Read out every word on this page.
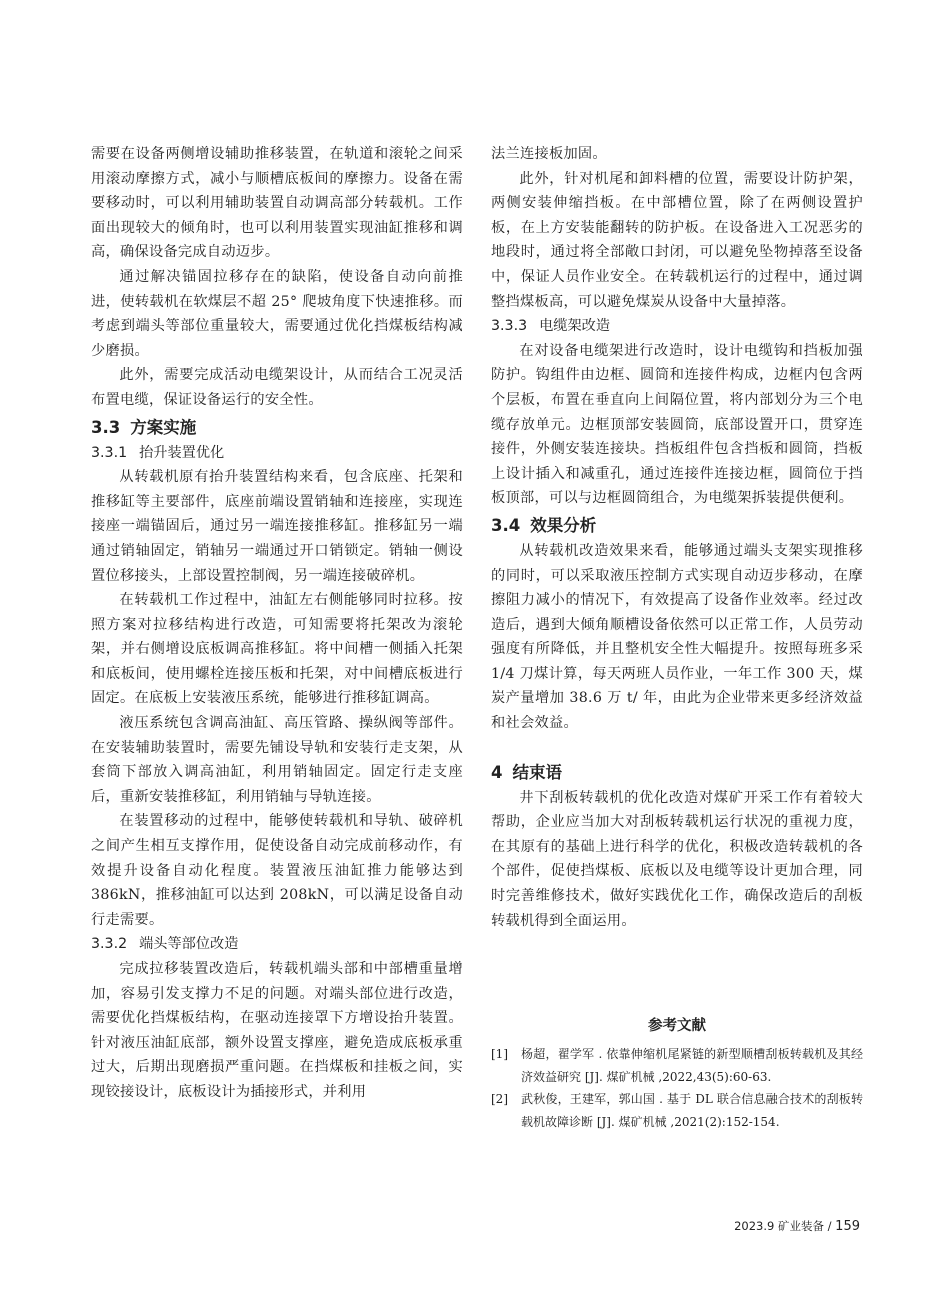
需要在设备两侧增设辅助推移装置，在轨道和滚轮之间采用滚动摩擦方式，减小与顺槽底板间的摩擦力。设备在需要移动时，可以利用辅助装置自动调高部分转载机。工作面出现较大的倾角时，也可以利用装置实现油缸推移和调高，确保设备完成自动迈步。

通过解决锚固拉移存在的缺陷，使设备自动向前推进，使转载机在软煤层不超 25° 爬坡角度下快速推移。而考虑到端头等部位重量较大，需要通过优化挡煤板结构减少磨损。

此外，需要完成活动电缆架设计，从而结合工况灵活布置电缆，保证设备运行的安全性。

3.3 方案实施
3.3.1 抬升装置优化

从转载机原有抬升装置结构来看，包含底座、托架和推移缸等主要部件，底座前端设置销轴和连接座，实现连接座一端锚固后，通过另一端连接推移缸。推移缸另一端通过销轴固定，销轴另一端通过开口销锁定。销轴一侧设置位移接头，上部设置控制阀，另一端连接破碎机。

在转载机工作过程中，油缸左右侧能够同时拉移。按照方案对拉移结构进行改造，可知需要将托架改为滚轮架，并右侧增设底板调高推移缸。将中间槽一侧插入托架和底板间，使用螺栓连接压板和托架，对中间槽底板进行固定。在底板上安装液压系统，能够进行推移缸调高。

液压系统包含调高油缸、高压管路、操纵阀等部件。在安装辅助装置时，需要先铺设导轨和安装行走支架，从套筒下部放入调高油缸，利用销轴固定。固定行走支座后，重新安装推移缸，利用销轴与导轨连接。

在装置移动的过程中，能够使转载机和导轨、破碎机之间产生相互支撑作用，促使设备自动完成前移动作，有效提升设备自动化程度。装置液压油缸推力能够达到 386kN，推移油缸可以达到 208kN，可以满足设备自动行走需要。

3.3.2 端头等部位改造

完成拉移装置改造后，转载机端头部和中部槽重量增加，容易引发支撑力不足的问题。对端头部位进行改造，需要优化挡煤板结构，在驱动连接罩下方增设抬升装置。针对液压油缸底部，额外设置支撑座，避免造成底板承重过大，后期出现磨损严重问题。在挡煤板和挂板之间，实现铰接设计，底板设计为插接形式，并利用

法兰连接板加固。

此外，针对机尾和卸料槽的位置，需要设计防护架，两侧安装伸缩挡板。在中部槽位置，除了在两侧设置护板，在上方安装能翻转的防护板。在设备进入工况恶劣的地段时，通过将全部敞口封闭，可以避免坠物掉落至设备中，保证人员作业安全。在转载机运行的过程中，通过调整挡煤板高，可以避免煤炭从设备中大量掉落。

3.3.3 电缆架改造

在对设备电缆架进行改造时，设计电缆钩和挡板加强防护。钩组件由边框、圆筒和连接件构成，边框内包含两个层板，布置在垂直向上间隔位置，将内部划分为三个电缆存放单元。边框顶部安装圆筒，底部设置开口，贯穿连接件，外侧安装连接块。挡板组件包含挡板和圆筒，挡板上设计插入和减重孔，通过连接件连接边框，圆筒位于挡板顶部，可以与边框圆筒组合，为电缆架拆装提供便利。

3.4 效果分析

从转载机改造效果来看，能够通过端头支架实现推移的同时，可以采取液压控制方式实现自动迈步移动，在摩擦阻力减小的情况下，有效提高了设备作业效率。经过改造后，遇到大倾角顺槽设备依然可以正常工作，人员劳动强度有所降低，并且整机安全性大幅提升。按照每班多采 1/4 刀煤计算，每天两班人员作业，一年工作 300 天，煤炭产量增加 38.6 万 t/ 年，由此为企业带来更多经济效益和社会效益。

4 结束语

井下刮板转载机的优化改造对煤矿开采工作有着较大帮助，企业应当加大对刮板转载机运行状况的重视力度，在其原有的基础上进行科学的优化，积极改造转载机的各个部件，促使挡煤板、底板以及电缆等设计更加合理，同时完善维修技术，做好实践优化工作，确保改造后的刮板转载机得到全面运用。

参考文献
[1]	杨超，翟学军 . 依靠伸缩机尾紧链的新型顺槽刮板转载机及其经济效益研究 [J]. 煤矿机械 ,2022,43(5):60-63.
[2]	武秋俊，王建军，郭山国 . 基于 DL 联合信息融合技术的刮板转载机故障诊断 [J]. 煤矿机械 ,2021(2):152-154.
2023.9 矿业装备 / 159
